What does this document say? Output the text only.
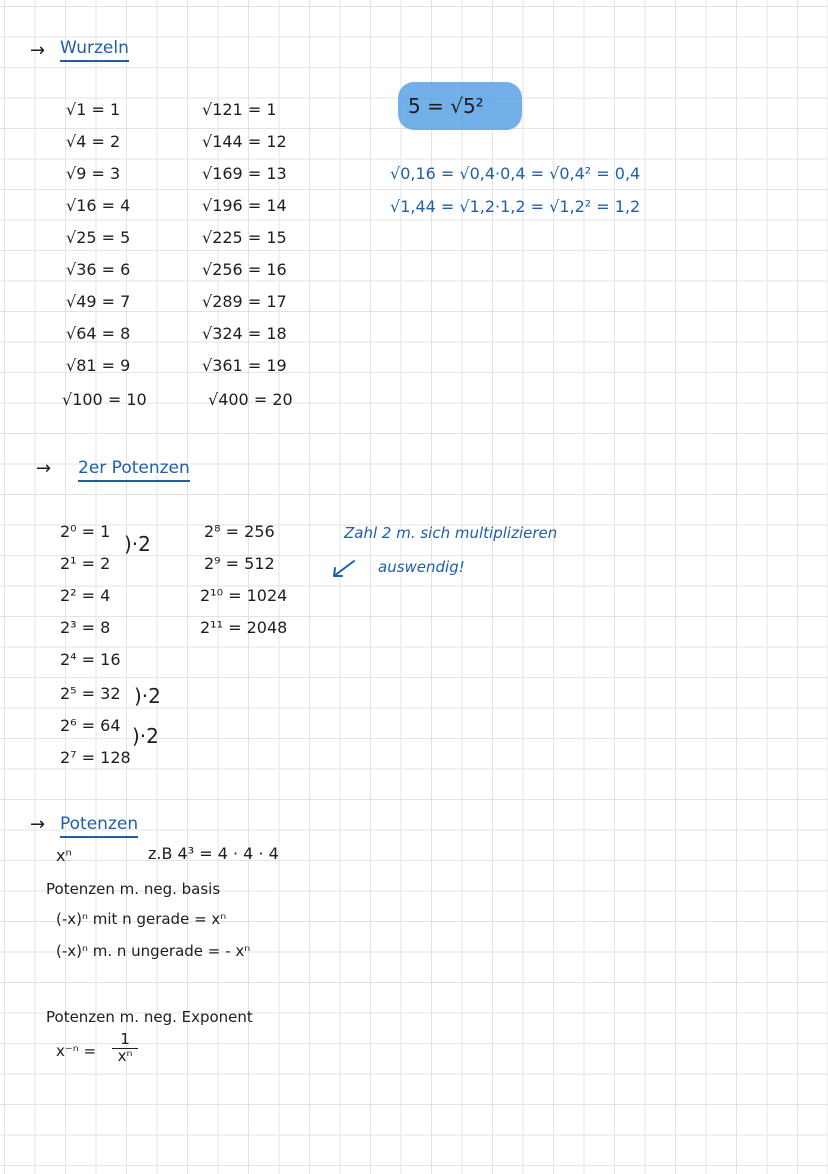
→ Wurzeln
√1 = 1
√4 = 2
√9 = 3
√16 = 4
√25 = 5
√36 = 6
√49 = 7
√64 = 8
√81 = 9
√100 = 10
√121 = 1
√144 = 12
√169 = 13
√196 = 14
√225 = 15
√256 = 16
√289 = 17
√324 = 18
√361 = 19
√400 = 20
5 = √5²
√0,16 = √0,4·0,4 = √0,4² = 0,4
√1,44 = √1,2·1,2 = √1,2² = 1,2
→ 2er Potenzen
2⁰ = 1
2¹ = 2
2² = 4
2³ = 8
2⁴ = 16
2⁵ = 32
2⁶ = 64
2⁷ = 128
)·2
)·2
)·2
2⁸ = 256
2⁹ = 512
2¹⁰ = 1024
2¹¹ = 2048
Zahl 2 m. sich multiplizieren
auswendig!
→ Potenzen
xⁿ	z.B 4³ = 4 · 4 · 4
Potenzen m. neg. basis
(-x)ⁿ mit n gerade = xⁿ
(-x)ⁿ m. n ungerade = - xⁿ
Potenzen m. neg. Exponent
x⁻ⁿ =
1
xⁿ
